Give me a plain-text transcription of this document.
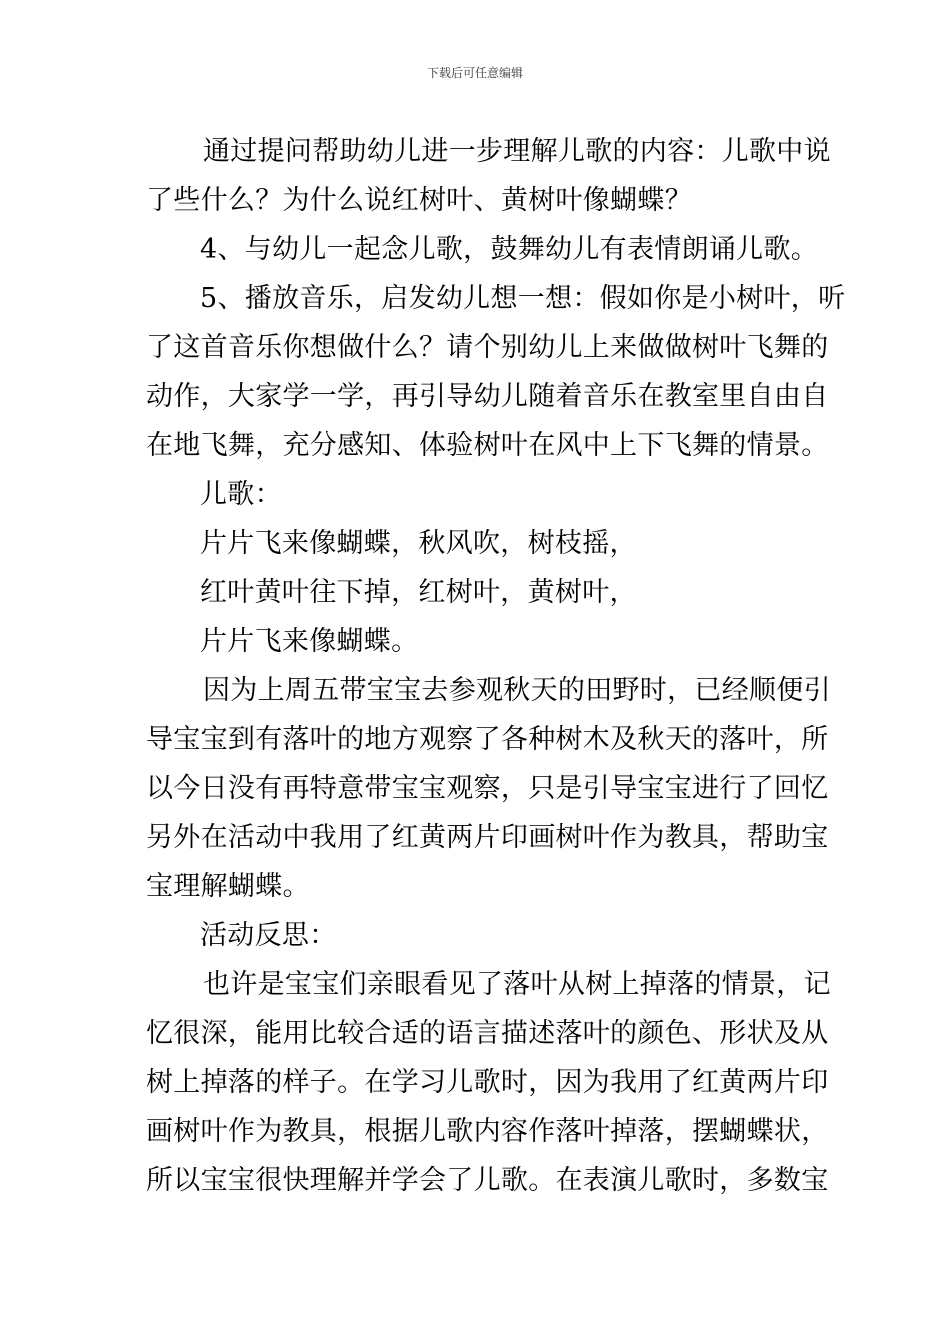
下载后可任意编辑
通过提问帮助幼儿进一步理解儿歌的内容：儿歌中说
了些什么？为什么说红树叶、黄树叶像蝴蝶？
4、与幼儿一起念儿歌，鼓舞幼儿有表情朗诵儿歌。
5、播放音乐，启发幼儿想一想：假如你是小树叶，听
了这首音乐你想做什么？请个别幼儿上来做做树叶飞舞的
动作，大家学一学，再引导幼儿随着音乐在教室里自由自
在地飞舞，充分感知、体验树叶在风中上下飞舞的情景。
儿歌：
片片飞来像蝴蝶，秋风吹，树枝摇，
红叶黄叶往下掉，红树叶，黄树叶，
片片飞来像蝴蝶。
因为上周五带宝宝去参观秋天的田野时，已经顺便引
导宝宝到有落叶的地方观察了各种树木及秋天的落叶，所
以今日没有再特意带宝宝观察，只是引导宝宝进行了回忆
另外在活动中我用了红黄两片印画树叶作为教具，帮助宝
宝理解蝴蝶。
活动反思：
也许是宝宝们亲眼看见了落叶从树上掉落的情景，记
忆很深，能用比较合适的语言描述落叶的颜色、形状及从
树上掉落的样子。在学习儿歌时，因为我用了红黄两片印
画树叶作为教具，根据儿歌内容作落叶掉落，摆蝴蝶状，
所以宝宝很快理解并学会了儿歌。在表演儿歌时，多数宝
